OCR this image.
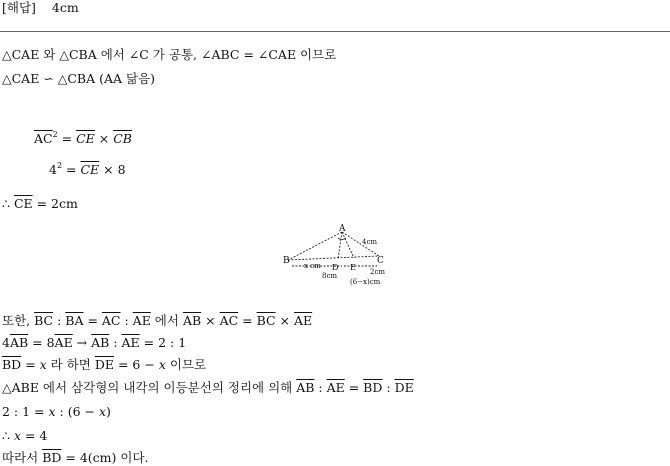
[해답] 4cm
△CAE 와 △CBA 에서 ∠C 가 공통, ∠ABC = ∠CAE 이므로
△CAE ∽ △CBA (AA 닮음)
$\overline{AC}^2 = \overline{CE} \times \overline{CB}$
$4^2 = \overline{CE} \times 8$
∴ $\overline{CE} = 2cm$
A
B	C
D E
4cm
x cm
2cm
8cm
(6−x)cm
또한, $\overline{BC}$ : $\overline{BA} = \overline{AC}$ : $\overline{AE}$ 에서 $\overline{AB} \times \overline{AC} = \overline{BC} \times \overline{AE}$
$4\overline{AB} = 8\overline{AE} \to \overline{AB}$ : $\overline{AE} = 2$ : 1
$\overline{BD} = x$ 라 하면 $\overline{DE} = 6 - x$ 이므로
△ABE 에서 삼각형의 내각의 이등분선의 정리에 의해 $\overline{AB}$ : $\overline{AE} = \overline{BD}$ : $\overline{DE}$
2 : 1 = x : (6 − x)
∴ x = 4
따라서 $\overline{BD} = 4(cm)$ 이다.
